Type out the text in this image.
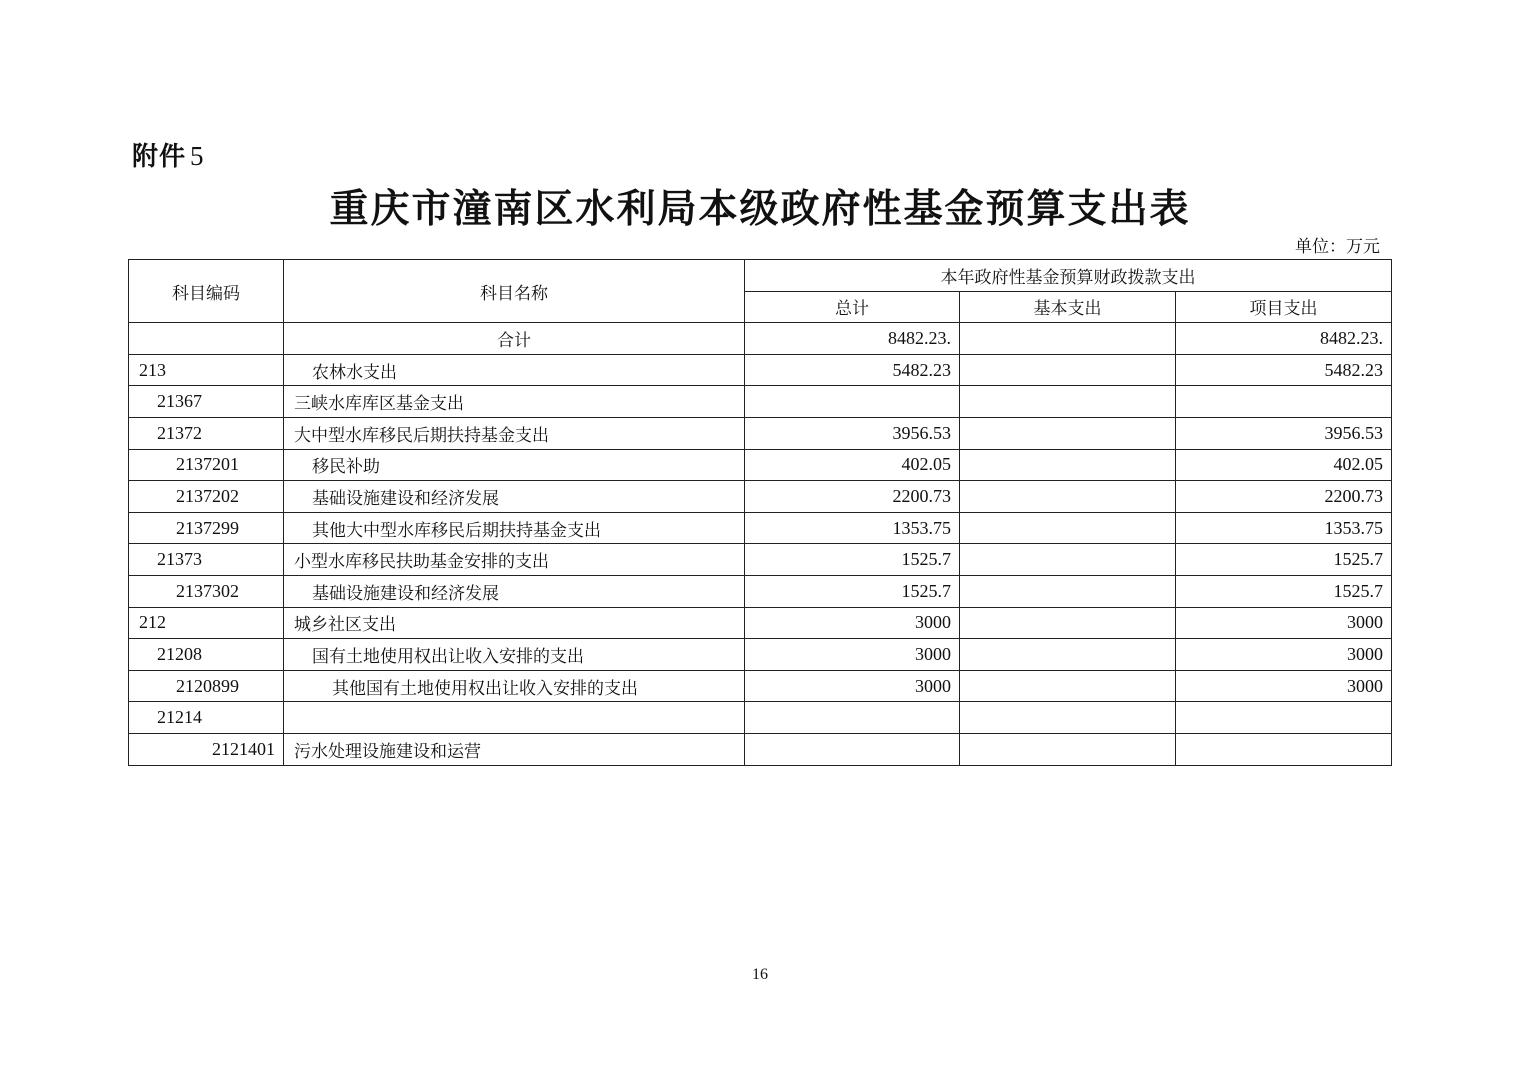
附件 5
重庆市潼南区水利局本级政府性基金预算支出表
单位：万元
科目编码	科目名称	本年政府性基金预算财政拨款支出		
		总计	基本支出	项目支出
	合计	8482.23.		8482.23.
213	农林水支出	5482.23		5482.23
21367	三峡水库库区基金支出			
21372	大中型水库移民后期扶持基金支出	3956.53		3956.53
2137201	移民补助	402.05		402.05
2137202	基础设施建设和经济发展	2200.73		2200.73
2137299	其他大中型水库移民后期扶持基金支出	1353.75		1353.75
21373	小型水库移民扶助基金安排的支出	1525.7		1525.7
2137302	基础设施建设和经济发展	1525.7		1525.7
212	城乡社区支出	3000		3000
21208	国有土地使用权出让收入安排的支出	3000		3000
2120899	其他国有土地使用权出让收入安排的支出	3000		3000
21214				
2121401	污水处理设施建设和运营			
16
